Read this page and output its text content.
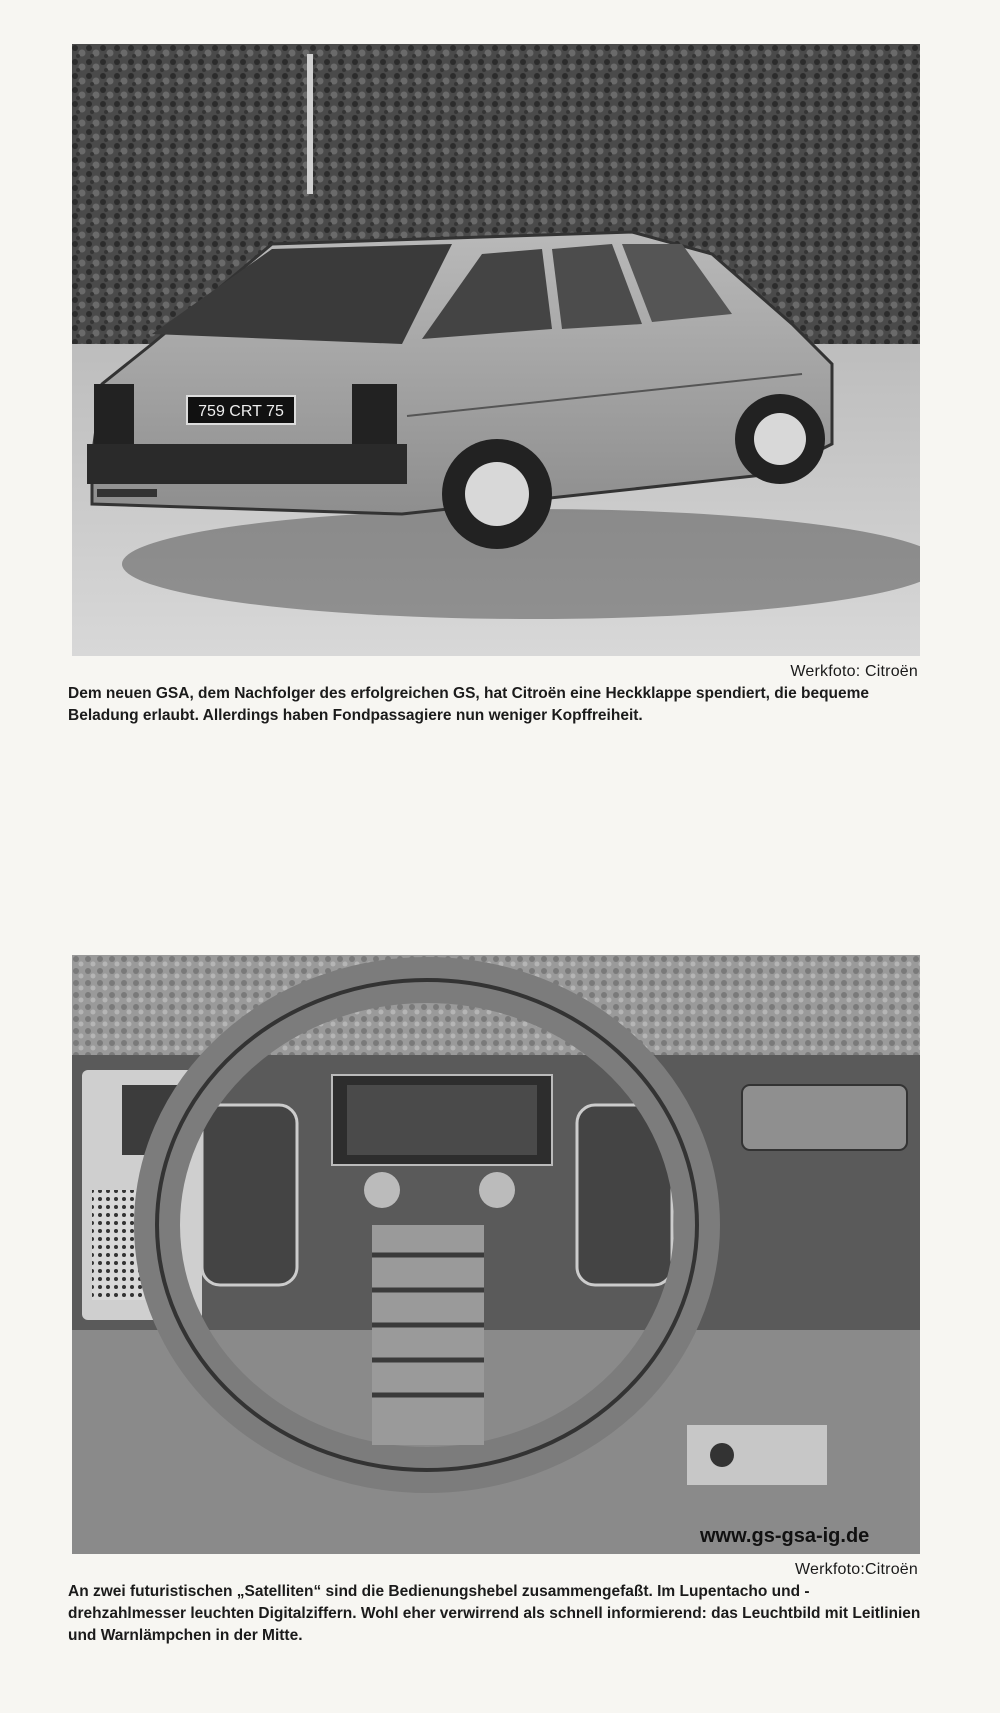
759 CRT 75
Werkfoto: Citroën
Dem neuen GSA, dem Nachfolger des erfolgreichen GS, hat Citroën eine Heckklappe spendiert, die bequeme Beladung erlaubt. Allerdings haben Fondpassagiere nun weniger Kopffreiheit.
www.gs-gsa-ig.de
Werkfoto:Citroën
An zwei futuristischen „Satelliten“ sind die Bedienungshebel zusammengefaßt. Im Lupentacho und -drehzahlmesser leuchten Digitalziffern. Wohl eher verwirrend als schnell informierend: das Leuchtbild mit Leitlinien und Warnlämpchen in der Mitte.
